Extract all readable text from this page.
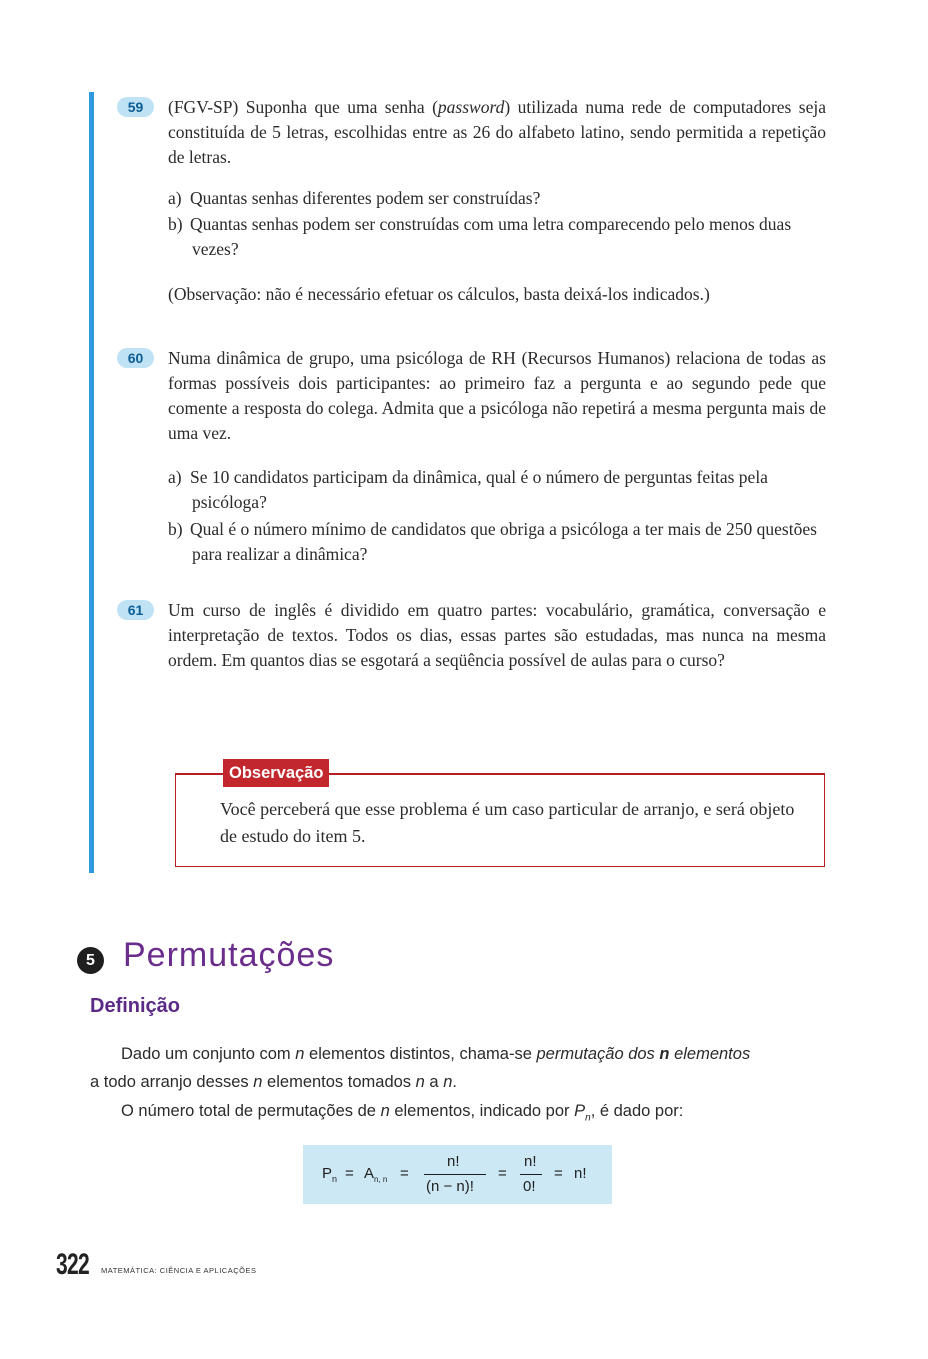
59	(FGV-SP) Suponha que uma senha (password) utilizada numa rede de computadores seja constituída de 5 letras, escolhidas entre as 26 do alfabeto latino, sendo permitida a repetição de letras.
a) Quantas senhas diferentes podem ser construídas?
b) Quantas senhas podem ser construídas com uma letra comparecendo pelo menos duas vezes?
(Observação: não é necessário efetuar os cálculos, basta deixá-los indicados.)
60	Numa dinâmica de grupo, uma psicóloga de RH (Recursos Humanos) relaciona de todas as formas possíveis dois participantes: ao primeiro faz a pergunta e ao segundo pede que comente a resposta do colega. Admita que a psicóloga não repetirá a mesma pergunta mais de uma vez.
a) Se 10 candidatos participam da dinâmica, qual é o número de perguntas feitas pela psicóloga?
b) Qual é o número mínimo de candidatos que obriga a psicóloga a ter mais de 250 questões para realizar a dinâmica?
61	Um curso de inglês é dividido em quatro partes: vocabulário, gramática, conversação e interpretação de textos. Todos os dias, essas partes são estudadas, mas nunca na mesma ordem. Em quantos dias se esgotará a seqüência possível de aulas para o curso?
Observação
Você perceberá que esse problema é um caso particular de arranjo, e será objeto de estudo do item 5.
5 Permutações
Definição
Dado um conjunto com n elementos distintos, chama-se permutação dos n elementos
a todo arranjo desses n elementos tomados n a n.
O número total de permutações de n elementos, indicado por $P_n$, é dado por:
$P_n = A_{n, n}$ =
n!
(n − n)!
=
n!
0!
= n!
322 MATEMÁTICA: CIÊNCIA E APLICAÇÕES
